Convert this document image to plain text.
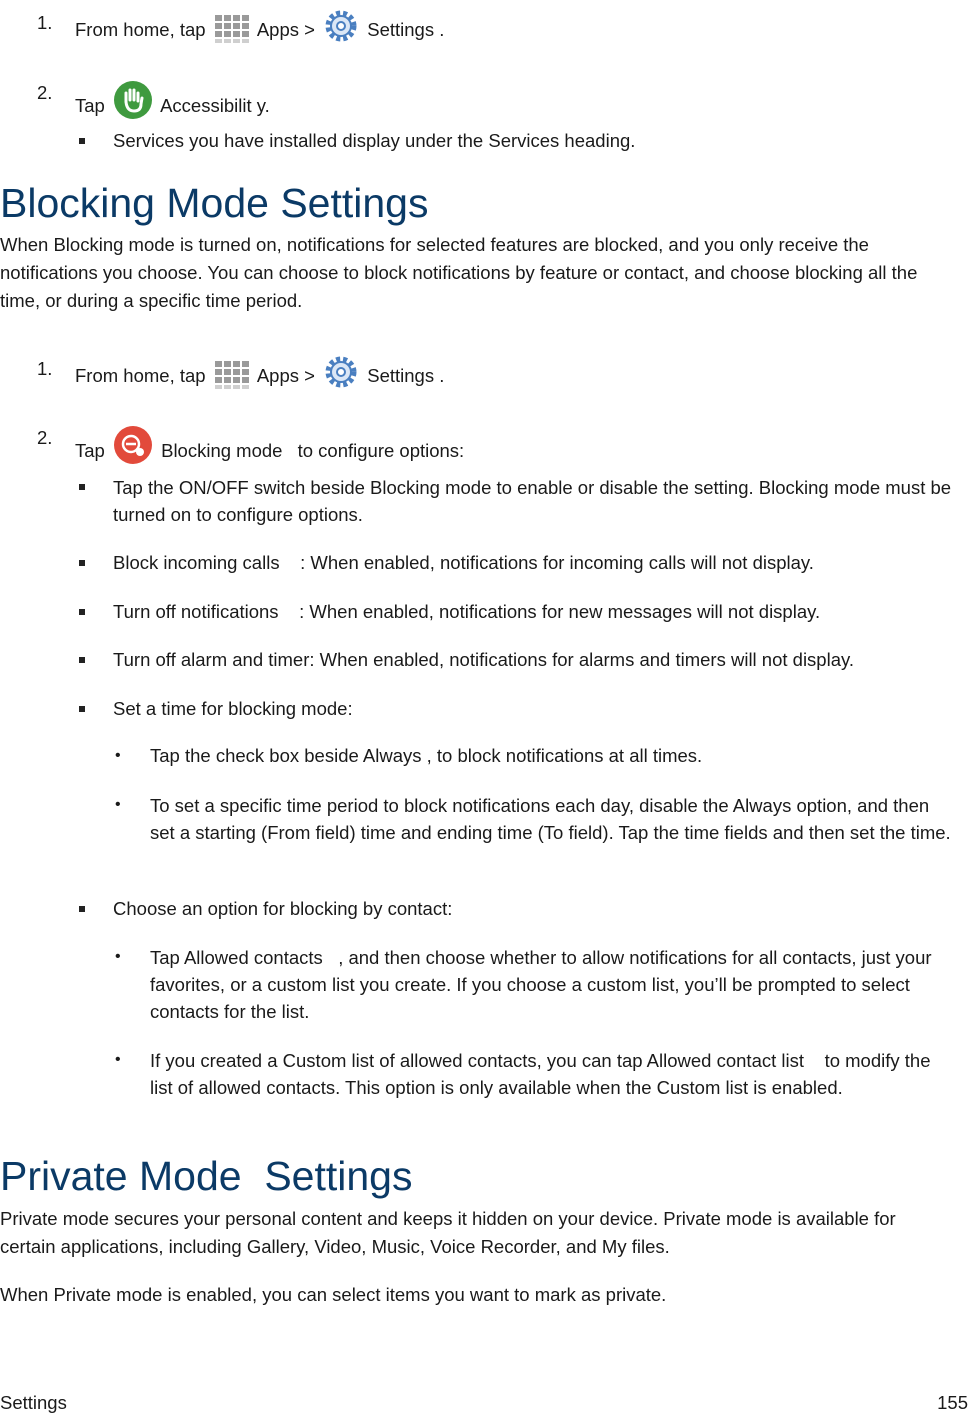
1. From home, tap	Apps >	Settings .
2.
Tap	Accessibilit y.
Services you have installed display under the Services heading.
Blocking Mode Settings
When Blocking mode is turned on, notifications for selected features are blocked, and you only receive the notifications you choose. You can choose to block notifications by feature or contact, and choose blocking all the time, or during a specific time period.
1. From home, tap	Apps >	Settings .
2.
Tap	Blocking mode to configure options:
Tap the ON/OFF switch beside Blocking mode to enable or disable the setting. Blocking mode must be turned on to configure options.
Block incoming calls    : When enabled, notifications for incoming calls will not display.
Turn off notifications    : When enabled, notifications for new messages will not display.
Turn off alarm and timer: When enabled, notifications for alarms and timers will not display.
Set a time for blocking mode:
• Tap the check box beside Always , to block notifications at all times.
• To set a specific time period to block notifications each day, disable the Always option, and then set a starting (From field) time and ending time (To field). Tap the time fields and then set the time.
Choose an option for blocking by contact:
• Tap Allowed contacts   , and then choose whether to allow notifications for all contacts, just your favorites, or a custom list you create. If you choose a custom list, you’ll be prompted to select contacts for the list.
• If you created a Custom list of allowed contacts, you can tap Allowed contact list    to modify the list of allowed contacts. This option is only available when the Custom list is enabled.
Private Mode  Settings
Private mode secures your personal content and keeps it hidden on your device. Private mode is available for certain applications, including Gallery, Video, Music, Voice Recorder, and My files.
When Private mode is enabled, you can select items you want to mark as private.
Settings	155
